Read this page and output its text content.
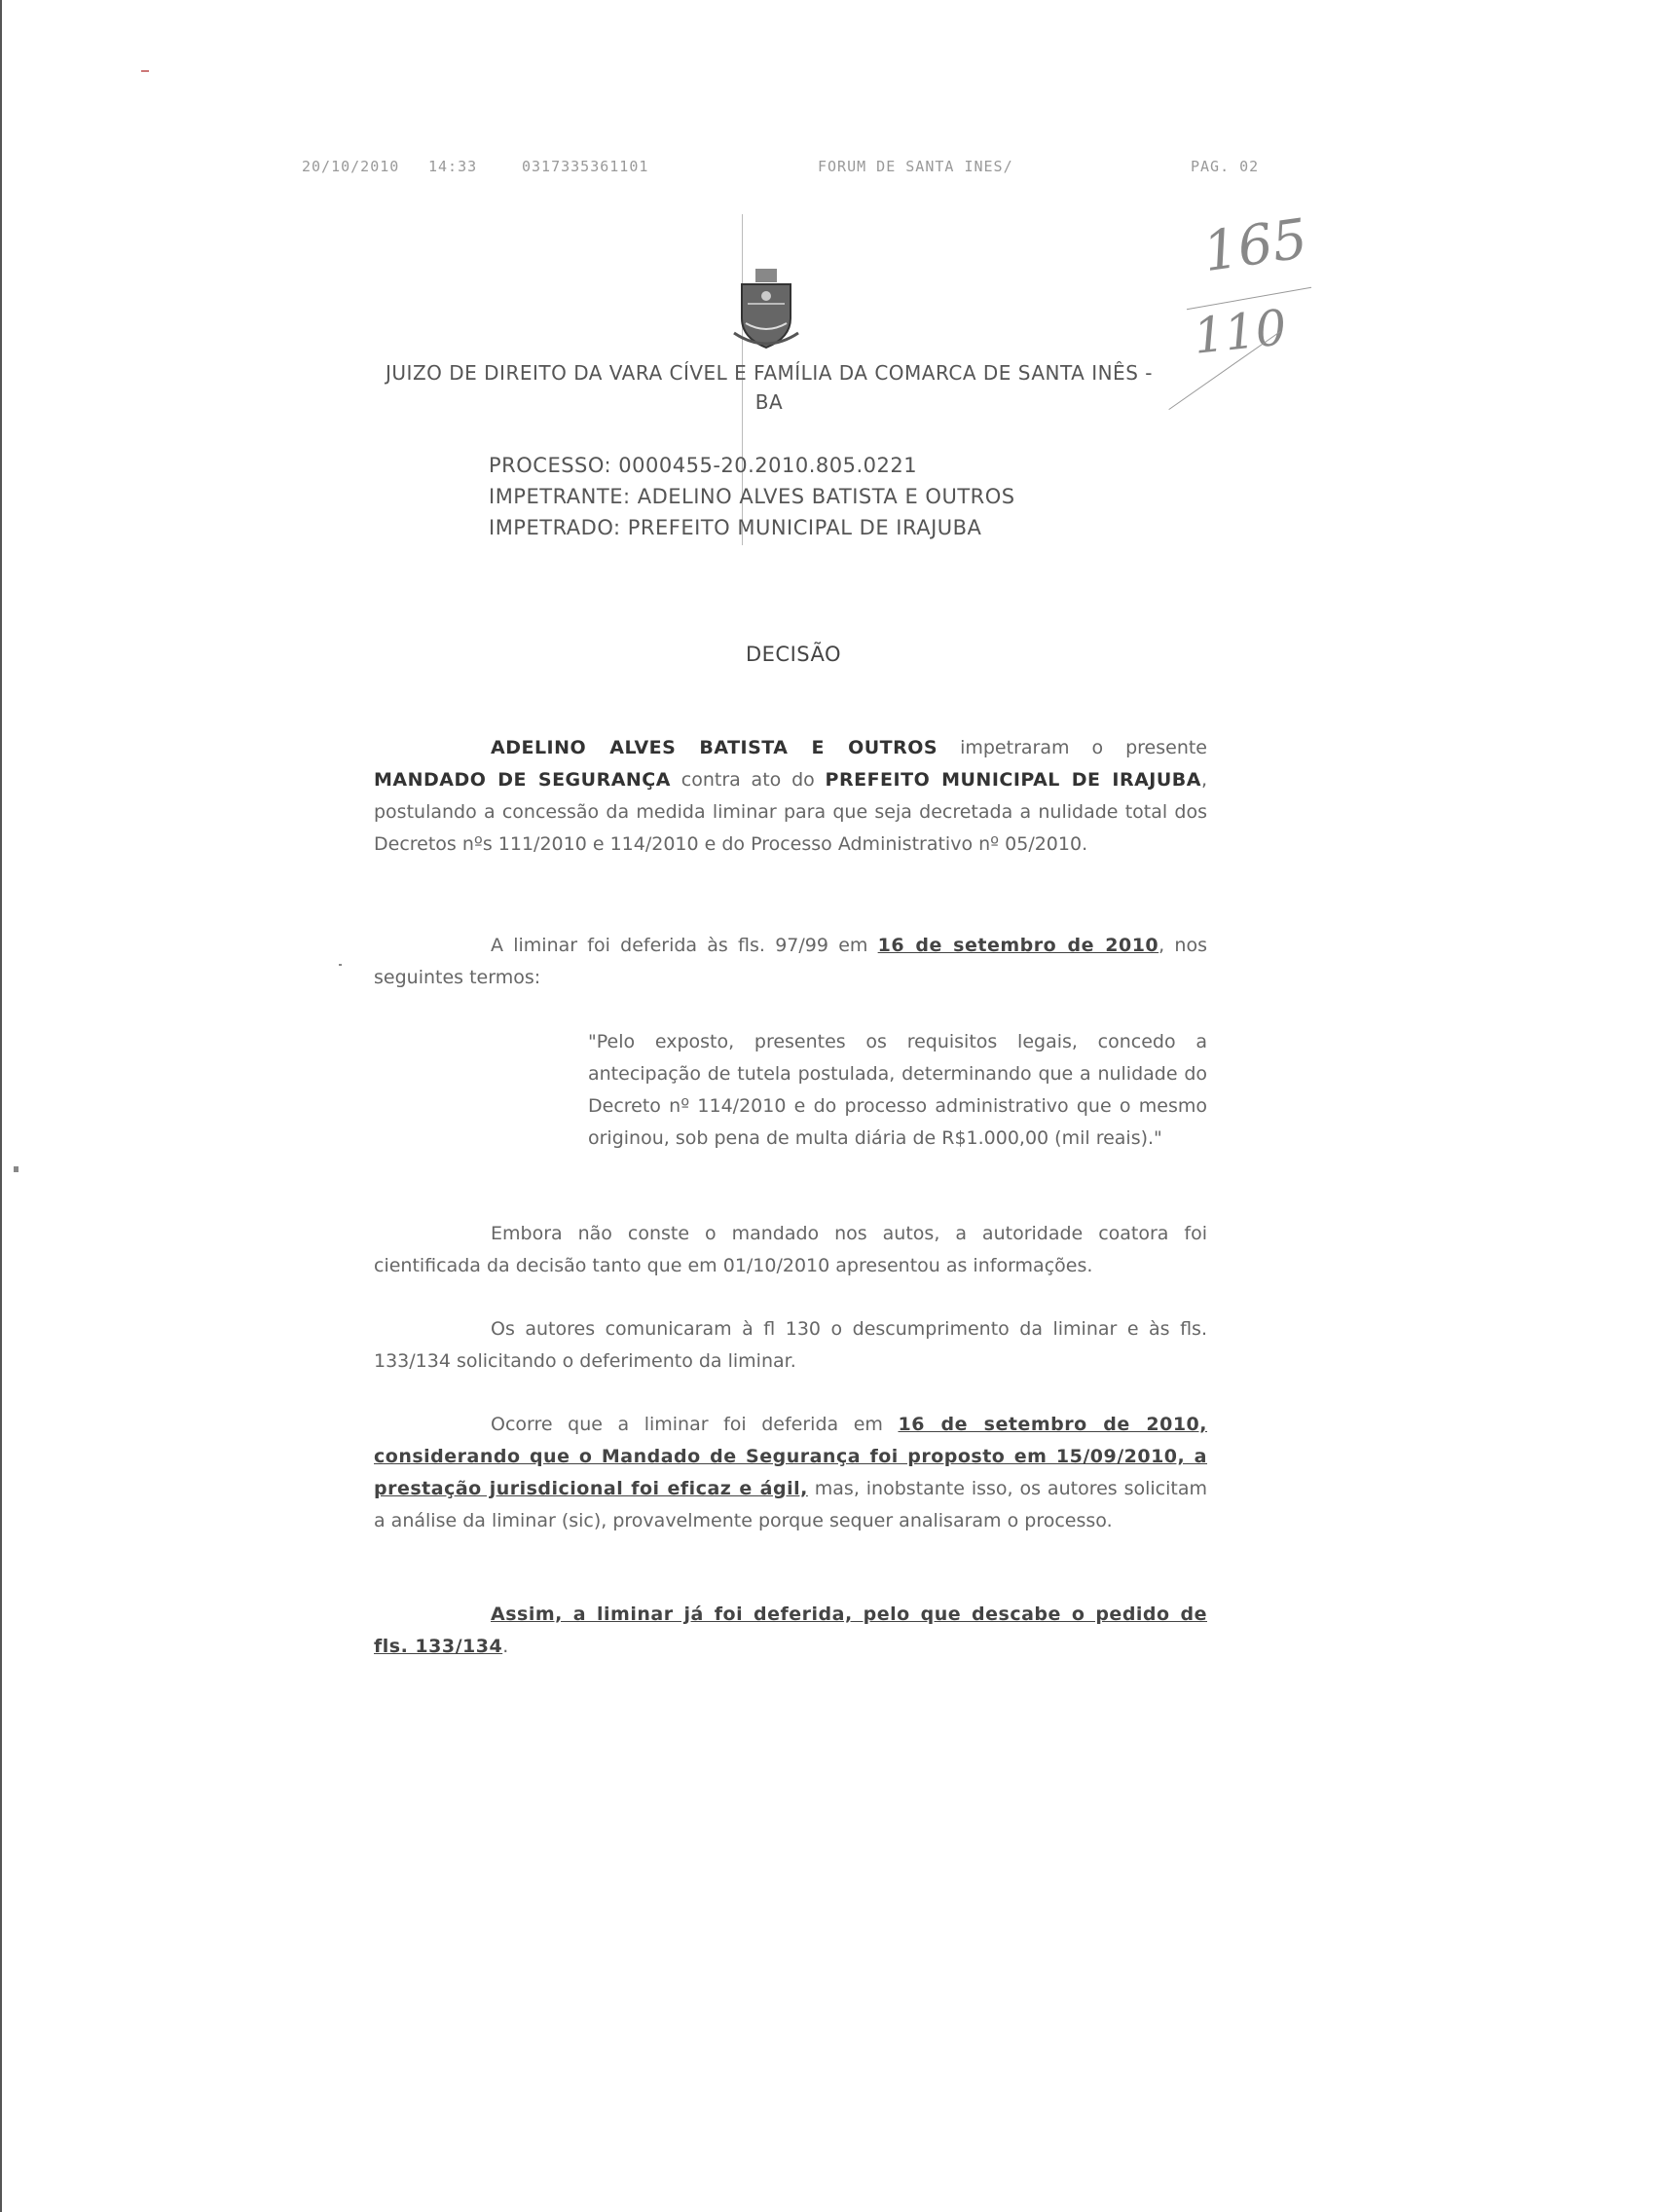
20/10/2010 14:33	0317335361101	FORUM DE SANTA INES/	PAG. 02
165
110
JUIZO DE DIREITO DA VARA CÍVEL E FAMÍLIA DA COMARCA DE SANTA INÊS - BA
PROCESSO: 0000455-20.2010.805.0221
IMPETRANTE: ADELINO ALVES BATISTA E OUTROS
IMPETRADO: PREFEITO MUNICIPAL DE IRAJUBA
DECISÃO
ADELINO ALVES BATISTA E OUTROS impetraram o presente MANDADO DE SEGURANÇA contra ato do PREFEITO MUNICIPAL DE IRAJUBA, postulando a concessão da medida liminar para que seja decretada a nulidade total dos Decretos nºs 111/2010 e 114/2010 e do Processo Administrativo nº 05/2010.
A liminar foi deferida às fls. 97/99 em 16 de setembro de 2010, nos seguintes termos:
"Pelo exposto, presentes os requisitos legais, concedo a antecipação de tutela postulada, determinando que a nulidade do Decreto nº 114/2010 e do processo administrativo que o mesmo originou, sob pena de multa diária de R$1.000,00 (mil reais)."
Embora não conste o mandado nos autos, a autoridade coatora foi cientificada da decisão tanto que em 01/10/2010 apresentou as informações.
Os autores comunicaram à fl 130 o descumprimento da liminar e às fls. 133/134 solicitando o deferimento da liminar.
Ocorre que a liminar foi deferida em 16 de setembro de 2010, considerando que o Mandado de Segurança foi proposto em 15/09/2010, a prestação jurisdicional foi eficaz e ágil, mas, inobstante isso, os autores solicitam a análise da liminar (sic), provavelmente porque sequer analisaram o processo.
Assim, a liminar já foi deferida, pelo que descabe o pedido de fls. 133/134.
